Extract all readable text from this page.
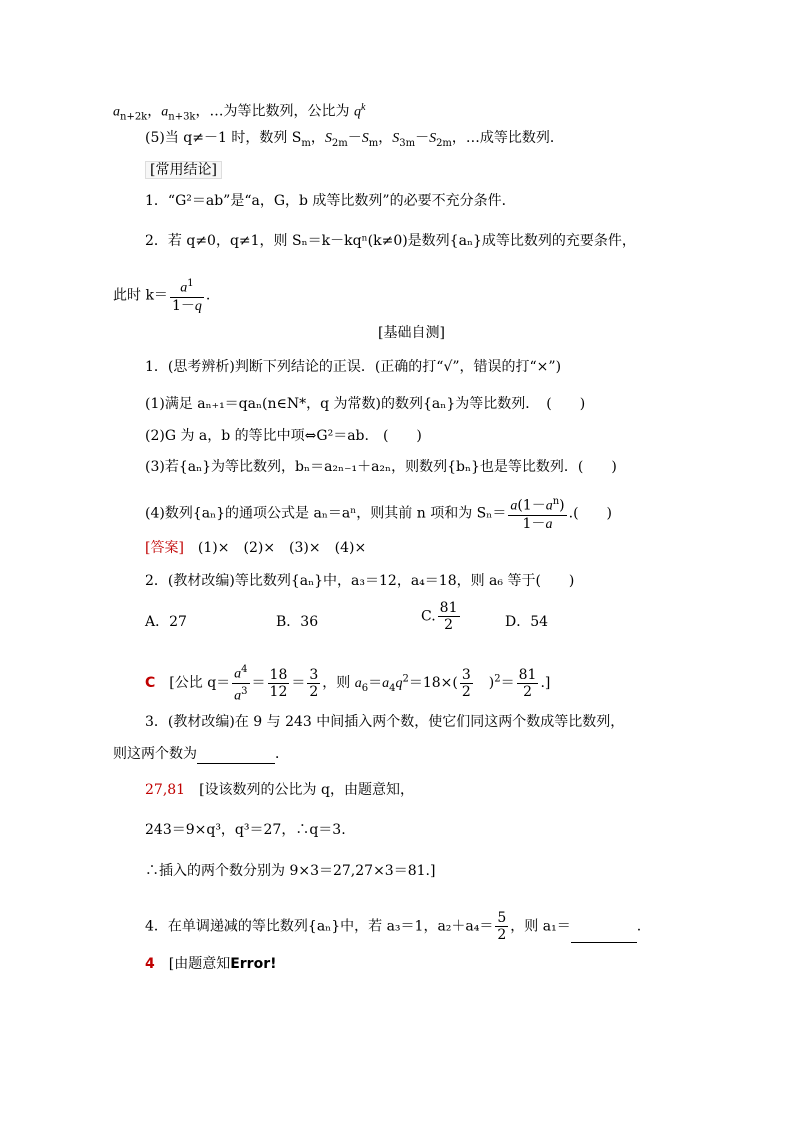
$a_{n+2k}$，$a_{n+3k}$，…为等比数列，公比为 $q^k$
(5)当 q≠－1 时，数列 $S_m$，$S_{2m}-S_m$，$S_{3m}-S_{2m}$，…成等比数列．
[常用结论]
1．“G²＝ab”是“a，G，b 成等比数列”的必要不充分条件．
2．若 q≠0，q≠1，则 Sₙ＝k－kqⁿ(k≠0)是数列{aₙ}成等比数列的充要条件，
此时 $k= \frac{a^1}{1-q}$ .
[基础自测]
1．(思考辨析)判断下列结论的正误．(正确的打“√”，错误的打“×”)
(1)满足 aₙ₊₁＝qaₙ(n∈N*，q 为常数)的数列{aₙ}为等比数列．　(　　)
(2)G 为 a，b 的等比中项⇔G²＝ab.　(　　)
(3)若{aₙ}为等比数列，bₙ＝a₂ₙ₋₁＋a₂ₙ，则数列{bₙ}也是等比数列．(　　)
(4)数列{aₙ}的通项公式是 aₙ＝aⁿ，则其前 n 项和为 $S_n= \frac{a(1-a^n)}{1-a}$ .(　　)
[答案]　(1)×　(2)×　(3)×　(4)×
2．(教材改编)等比数列{aₙ}中，a₃＝12，a₄＝18，则 a₆ 等于(　　)
A．27	B．36	C. $\frac{81}{2}$	D．54
C　 [公比 $q= \frac{a^4}{a^3} = \frac{18}{12} = \frac{3}{2}$ ，则 $a_6=a_4q^2=18\times( \frac{3}{2}$ 　)$^2= \frac{81}{2}$ .]
3．(教材改编)在 9 与 243 中间插入两个数，使它们同这两个数成等比数列，
则这两个数为	．
27,81　[设该数列的公比为 q，由题意知，
243＝9×q³，q³＝27，∴q＝3.
∴插入的两个数分别为 9×3＝27,27×3＝81.]
4．在单调递减的等比数列{aₙ}中，若 a₃＝1，$a_2+a_4= \frac{5}{2}$ ，则 a₁＝	.
4　 [由题意知Error!
